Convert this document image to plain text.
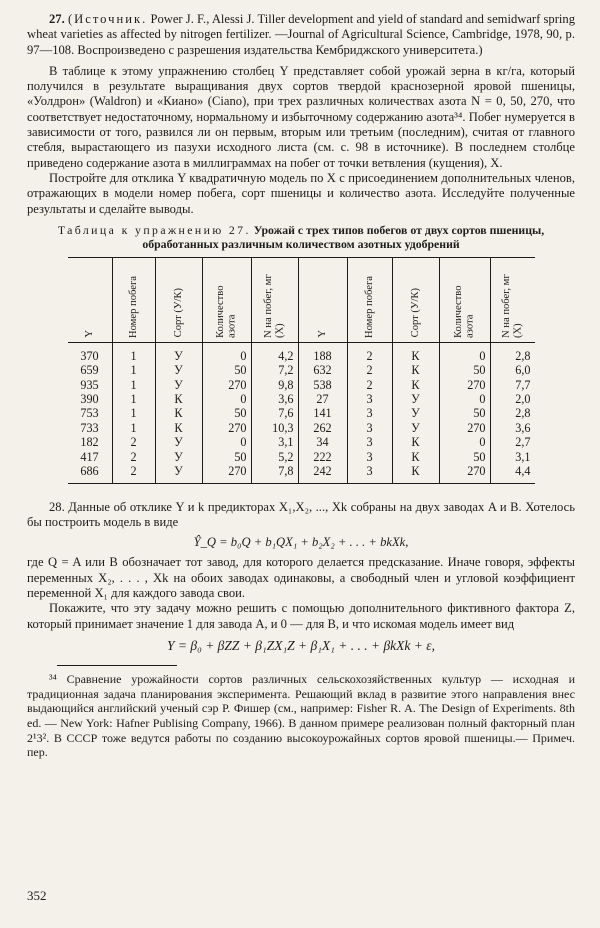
27. (Источник. Power J. F., Alessi J. Tiller development and yield of standard and semidwarf spring wheat varieties as affected by nitrogen fertilizer. —Journal of Agricultural Science, Cambridge, 1978, 90, p. 97—108. Воспроизведено с разрешения издательства Кембриджского университета.)

В таблице к этому упражнению столбец Y представляет собой урожай зерна в кг/га, который получился в результате выращивания двух сортов твердой краснозерной яровой пшеницы, «Уолдрон» (Waldron) и «Киано» (Ciano), при трех различных количествах азота N = 0, 50, 270, что соответствует недостаточному, нормальному и избыточному содержанию азота³⁴. Побег нумеруется в зависимости от того, развился ли он первым, вторым или третьим (последним), считая от главного стебля, вырастающего из пазухи исходного листа (см. с. 98 в источнике). В последнем столбце приведено содержание азота в миллиграммах на побег от точки ветвления (кущения), X.

Постройте для отклика Y квадратичную модель по X с присоединением дополнительных членов, отражающих в модели номер побега, сорт пшеницы и количество азота. Исследуйте полученные результаты и сделайте выводы.

Таблица к упражнению 27. Урожай с трех типов побегов от двух сортов пшеницы, обработанных различным количеством азотных удобрений
Y	Номер побега	Сорт (У/К)	Количество азота	N на побег, мг (X)	Y	Номер побега	Сорт (У/К)	Количество азота	N на побег, мг (X)

370	1	У	0	4,2	188	2	К	0	2,8
659	1	У	50	7,2	632	2	К	50	6,0
935	1	У	270	9,8	538	2	К	270	7,7
390	1	К	0	3,6	27	3	У	0	2,0
753	1	К	50	7,6	141	3	У	50	2,8
733	1	К	270	10,3	262	3	У	270	3,6
182	2	У	0	3,1	34	3	К	0	2,7
417	2	У	50	5,2	222	3	К	50	3,1
686	2	У	270	7,8	242	3	К	270	4,4

28. Данные об отклике Y и k предикторах X₁,X₂, ..., Xk собраны на двух заводах A и B. Хотелось бы построить модель в виде

Ŷ_Q = b₀Q + b₁QX₁ + b₂X₂ + . . . + bkXk,

где Q = A или B обозначает тот завод, для которого делается предсказание. Иначе говоря, эффекты переменных X₂, . . . , Xk на обоих заводах одинаковы, а свободный член и угловой коэффициент переменной X₁ для каждого завода свои.

Покажите, что эту задачу можно решить с помощью дополнительного фиктивного фактора Z, который принимает значение 1 для завода A, и 0 — для B, и что искомая модель имеет вид

Y = β₀ + βZZ + β₁ZX₁Z + β₁X₁ + . . . + βkXk + ε,

³⁴ Сравнение урожайности сортов различных сельскохозяйственных культур — исходная и традиционная задача планирования эксперимента. Решающий вклад в развитие этого направления внес выдающийся английский ученый сэр Р. Фишер (см., например: Fisher R. A. The Design of Experiments. 8th ed. — New York: Hafner Publising Company, 1966). В данном примере реализован полный факторный план 2¹3². В СССР тоже ведутся работы по созданию высокоурожайных сортов яровой пшеницы.— Примеч. пер.

352
